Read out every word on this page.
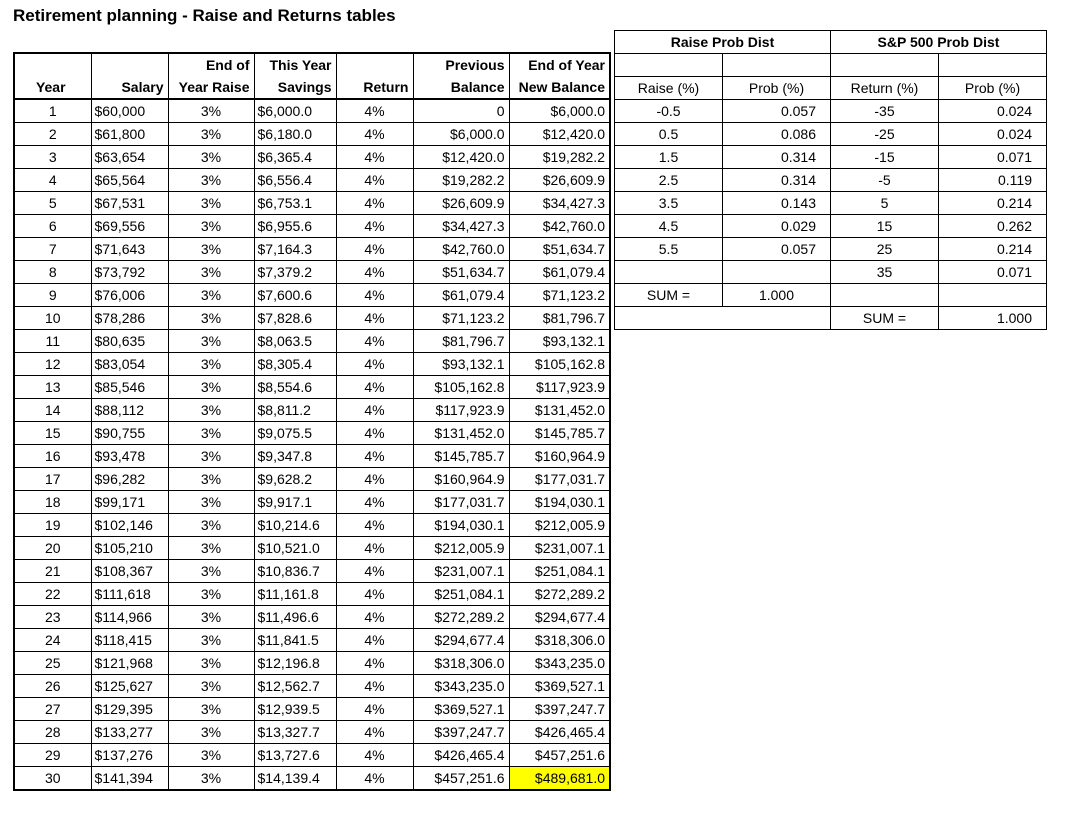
Retirement planning - Raise and Returns tables
		End of	This Year		Previous	End of Year
Year	Salary	Year Raise	Savings	Return	Balance	New Balance
1	$60,000	3%	$6,000.0	4%	0	$6,000.0
2	$61,800	3%	$6,180.0	4%	$6,000.0	$12,420.0
3	$63,654	3%	$6,365.4	4%	$12,420.0	$19,282.2
4	$65,564	3%	$6,556.4	4%	$19,282.2	$26,609.9
5	$67,531	3%	$6,753.1	4%	$26,609.9	$34,427.3
6	$69,556	3%	$6,955.6	4%	$34,427.3	$42,760.0
7	$71,643	3%	$7,164.3	4%	$42,760.0	$51,634.7
8	$73,792	3%	$7,379.2	4%	$51,634.7	$61,079.4
9	$76,006	3%	$7,600.6	4%	$61,079.4	$71,123.2
10	$78,286	3%	$7,828.6	4%	$71,123.2	$81,796.7
11	$80,635	3%	$8,063.5	4%	$81,796.7	$93,132.1
12	$83,054	3%	$8,305.4	4%	$93,132.1	$105,162.8
13	$85,546	3%	$8,554.6	4%	$105,162.8	$117,923.9
14	$88,112	3%	$8,811.2	4%	$117,923.9	$131,452.0
15	$90,755	3%	$9,075.5	4%	$131,452.0	$145,785.7
16	$93,478	3%	$9,347.8	4%	$145,785.7	$160,964.9
17	$96,282	3%	$9,628.2	4%	$160,964.9	$177,031.7
18	$99,171	3%	$9,917.1	4%	$177,031.7	$194,030.1
19	$102,146	3%	$10,214.6	4%	$194,030.1	$212,005.9
20	$105,210	3%	$10,521.0	4%	$212,005.9	$231,007.1
21	$108,367	3%	$10,836.7	4%	$231,007.1	$251,084.1
22	$111,618	3%	$11,161.8	4%	$251,084.1	$272,289.2
23	$114,966	3%	$11,496.6	4%	$272,289.2	$294,677.4
24	$118,415	3%	$11,841.5	4%	$294,677.4	$318,306.0
25	$121,968	3%	$12,196.8	4%	$318,306.0	$343,235.0
26	$125,627	3%	$12,562.7	4%	$343,235.0	$369,527.1
27	$129,395	3%	$12,939.5	4%	$369,527.1	$397,247.7
28	$133,277	3%	$13,327.7	4%	$397,247.7	$426,465.4
29	$137,276	3%	$13,727.6	4%	$426,465.4	$457,251.6
30	$141,394	3%	$14,139.4	4%	$457,251.6	$489,681.0
Raise Prob Dist		S&P 500 Prob Dist	

Raise (%)	Prob (%)	Return (%)	Prob (%)
-0.5	0.057	-35	0.024
0.5	0.086	-25	0.024
1.5	0.314	-15	0.071
2.5	0.314	-5	0.119
3.5	0.143	5	0.214
4.5	0.029	15	0.262
5.5	0.057	25	0.214
		35	0.071
SUM =	1.000		
		SUM =	1.000
